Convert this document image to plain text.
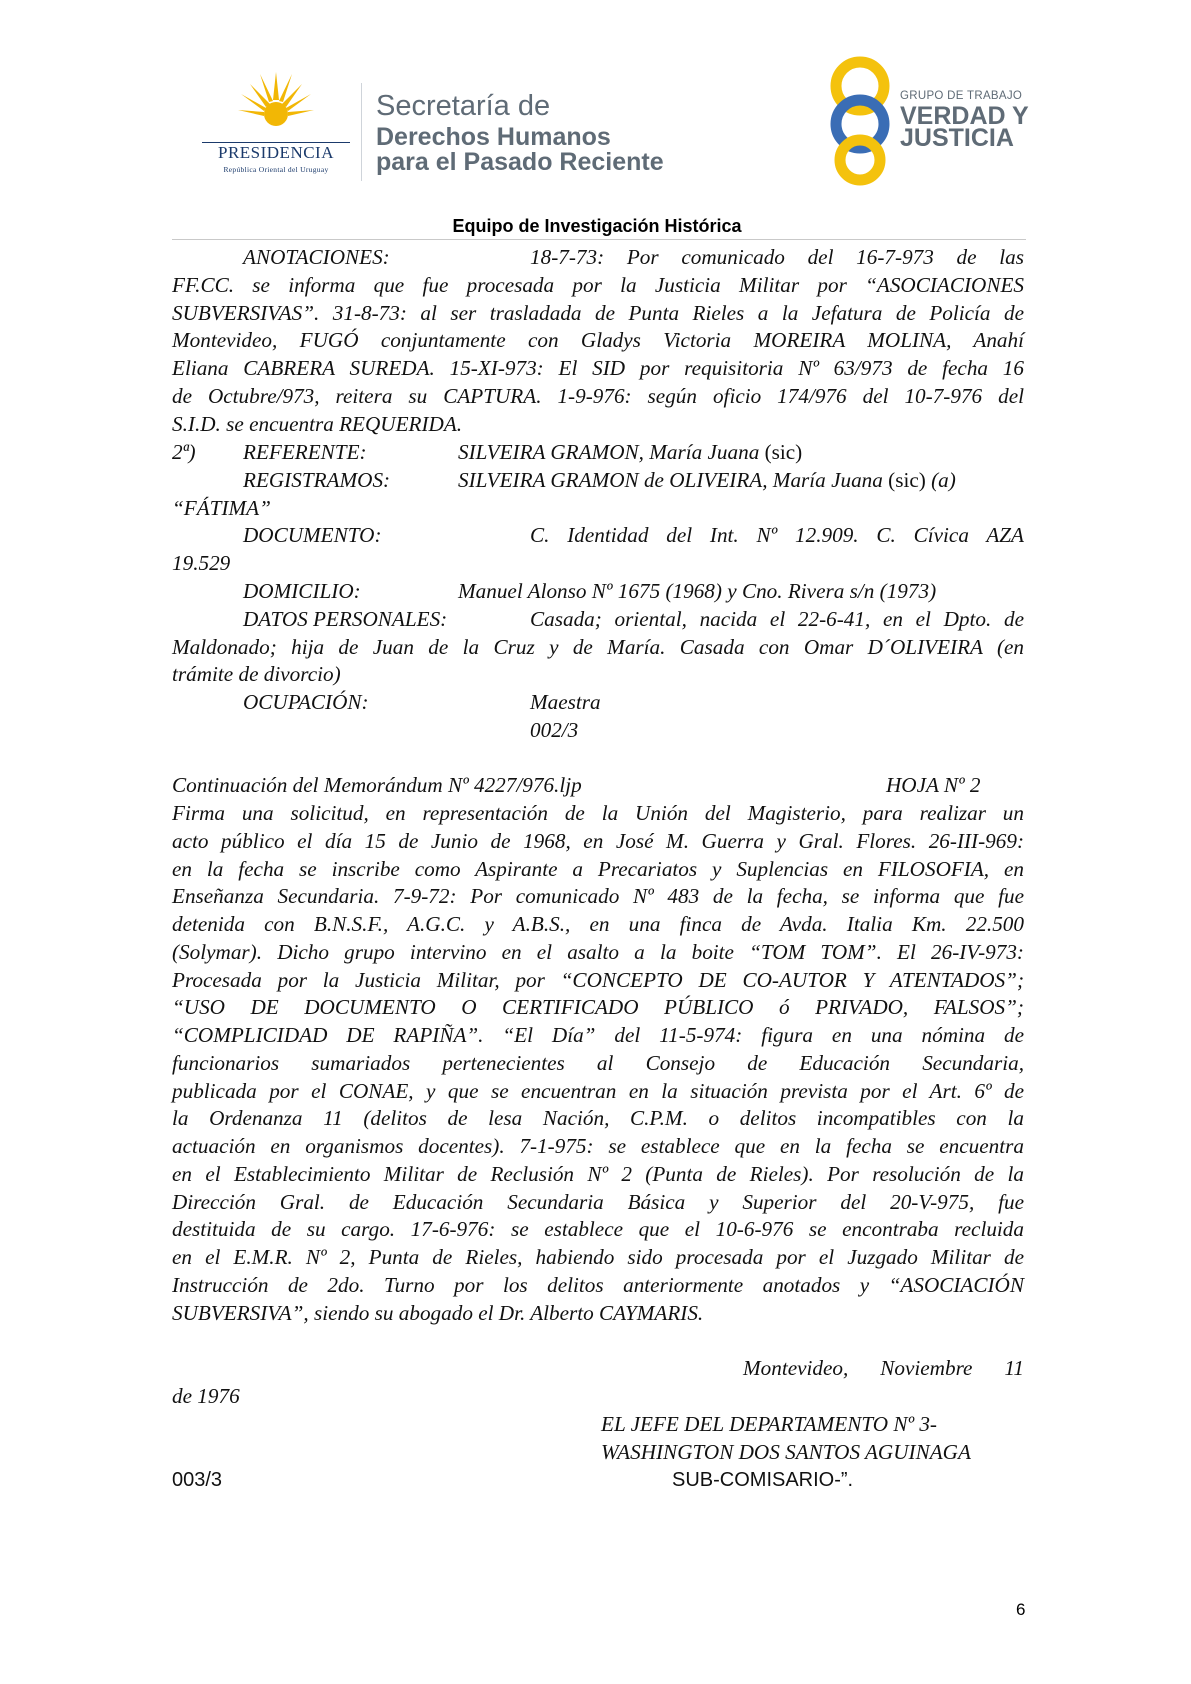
PRESIDENCIA
República Oriental del Uruguay
Secretaría de
Derechos Humanos
para el Pasado Reciente
GRUPO DE TRABAJO
VERDAD Y
JUSTICIA
Equipo de Investigación Histórica
ANOTACIONES:	18-7-73: Por comunicado del 16-7-973 de las
FF.CC. se informa que fue procesada por la Justicia Militar por “ASOCIACIONES
SUBVERSIVAS”. 31-8-73: al ser trasladada de Punta Rieles a la Jefatura de Policía de
Montevideo, FUGÓ conjuntamente con Gladys Victoria MOREIRA MOLINA, Anahí
Eliana CABRERA SUREDA. 15-XI-973: El SID por requisitoria Nº 63/973 de fecha 16
de Octubre/973, reitera su CAPTURA. 1-9-976: según oficio 174/976 del 10-7-976 del
S.I.D. se encuentra REQUERIDA.
2ª) REFERENTE:	SILVEIRA GRAMON, María Juana (sic)
REGISTRAMOS:	SILVEIRA GRAMON de OLIVEIRA, María Juana (sic) (a)
“FÁTIMA”
DOCUMENTO:	C. Identidad del Int. Nº 12.909. C. Cívica AZA
19.529
DOMICILIO:	Manuel Alonso Nº 1675 (1968) y Cno. Rivera s/n (1973)
DATOS PERSONALES:	Casada; oriental, nacida el 22-6-41, en el Dpto. de
Maldonado; hija de Juan de la Cruz y de María. Casada con Omar D´OLIVEIRA (en
trámite de divorcio)
OCUPACIÓN:	Maestra
002/3
Continuación del Memorándum Nº 4227/976.ljp	HOJA Nº 2
Firma una solicitud, en representación de la Unión del Magisterio, para realizar un
acto público el día 15 de Junio de 1968, en José M. Guerra y Gral. Flores. 26-III-969:
en la fecha se inscribe como Aspirante a Precariatos y Suplencias en FILOSOFIA, en
Enseñanza Secundaria. 7-9-72: Por comunicado Nº 483 de la fecha, se informa que fue
detenida con B.N.S.F., A.G.C. y A.B.S., en una finca de Avda. Italia Km. 22.500
(Solymar). Dicho grupo intervino en el asalto a la boite “TOM TOM”. El 26-IV-973:
Procesada por la Justicia Militar, por “CONCEPTO DE CO-AUTOR Y ATENTADOS”;
“USO DE DOCUMENTO O CERTIFICADO PÚBLICO ó PRIVADO, FALSOS”;
“COMPLICIDAD DE RAPIÑA”. “El Día” del 11-5-974: figura en una nómina de
funcionarios sumariados pertenecientes al Consejo de Educación Secundaria,
publicada por el CONAE, y que se encuentran en la situación prevista por el Art. 6º de
la Ordenanza 11 (delitos de lesa Nación, C.P.M. o delitos incompatibles con la
actuación en organismos docentes). 7-1-975: se establece que en la fecha se encuentra
en el Establecimiento Militar de Reclusión Nº 2 (Punta de Rieles). Por resolución de la
Dirección Gral. de Educación Secundaria Básica y Superior del 20-V-975, fue
destituida de su cargo. 17-6-976: se establece que el 10-6-976 se encontraba recluida
en el E.M.R. Nº 2, Punta de Rieles, habiendo sido procesada por el Juzgado Militar de
Instrucción de 2do. Turno por los delitos anteriormente anotados y “ASOCIACIÓN
SUBVERSIVA”, siendo su abogado el Dr. Alberto CAYMARIS.
Montevideo, Noviembre 11
de 1976
EL JEFE DEL DEPARTAMENTO Nº 3-
WASHINGTON DOS SANTOS AGUINAGA
003/3	SUB-COMISARIO-”.
6
